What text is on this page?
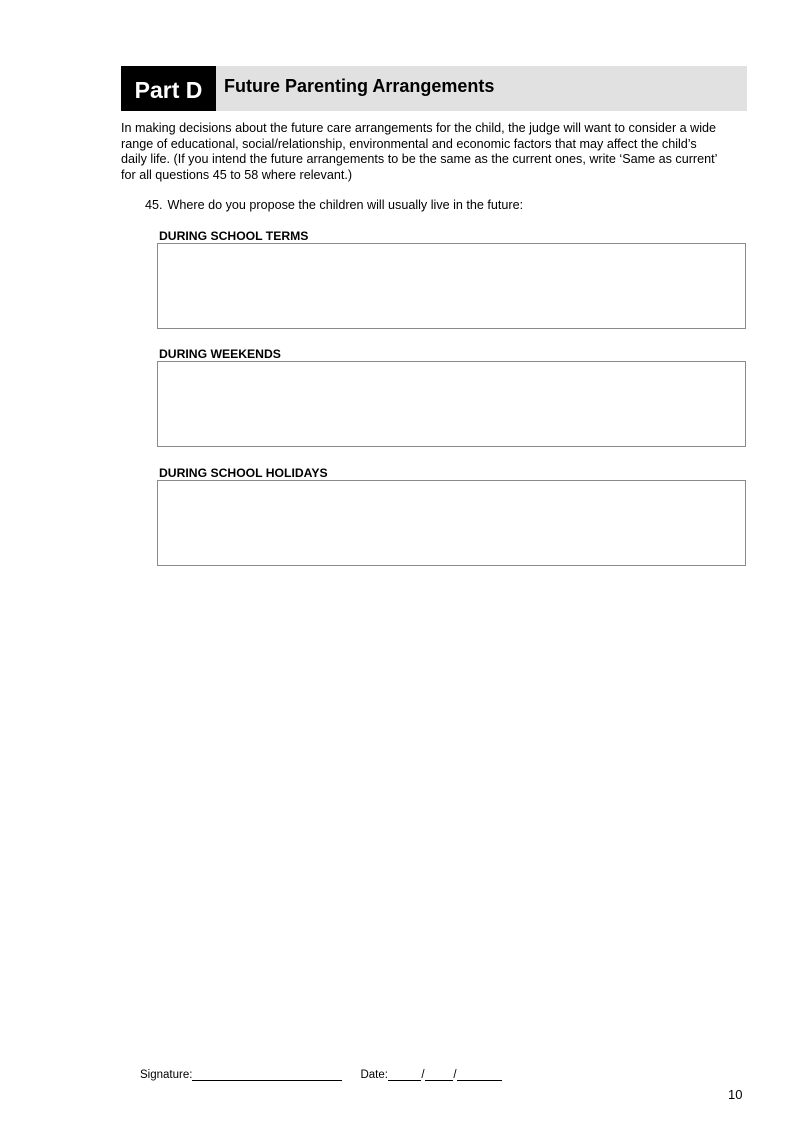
Part D	Future Parenting Arrangements

In making decisions about the future care arrangements for the child, the judge will want to consider a wide range of educational, social/relationship, environmental and economic factors that may affect the child’s daily life. (If you intend the future arrangements to be the same as the current ones, write ‘Same as current’ for all questions 45 to 58 where relevant.)

45. Where do you propose the children will usually live in the future:
DURING SCHOOL TERMS
DURING WEEKENDS
DURING SCHOOL HOLIDAYS
Signature:	Date:	/	/
10
